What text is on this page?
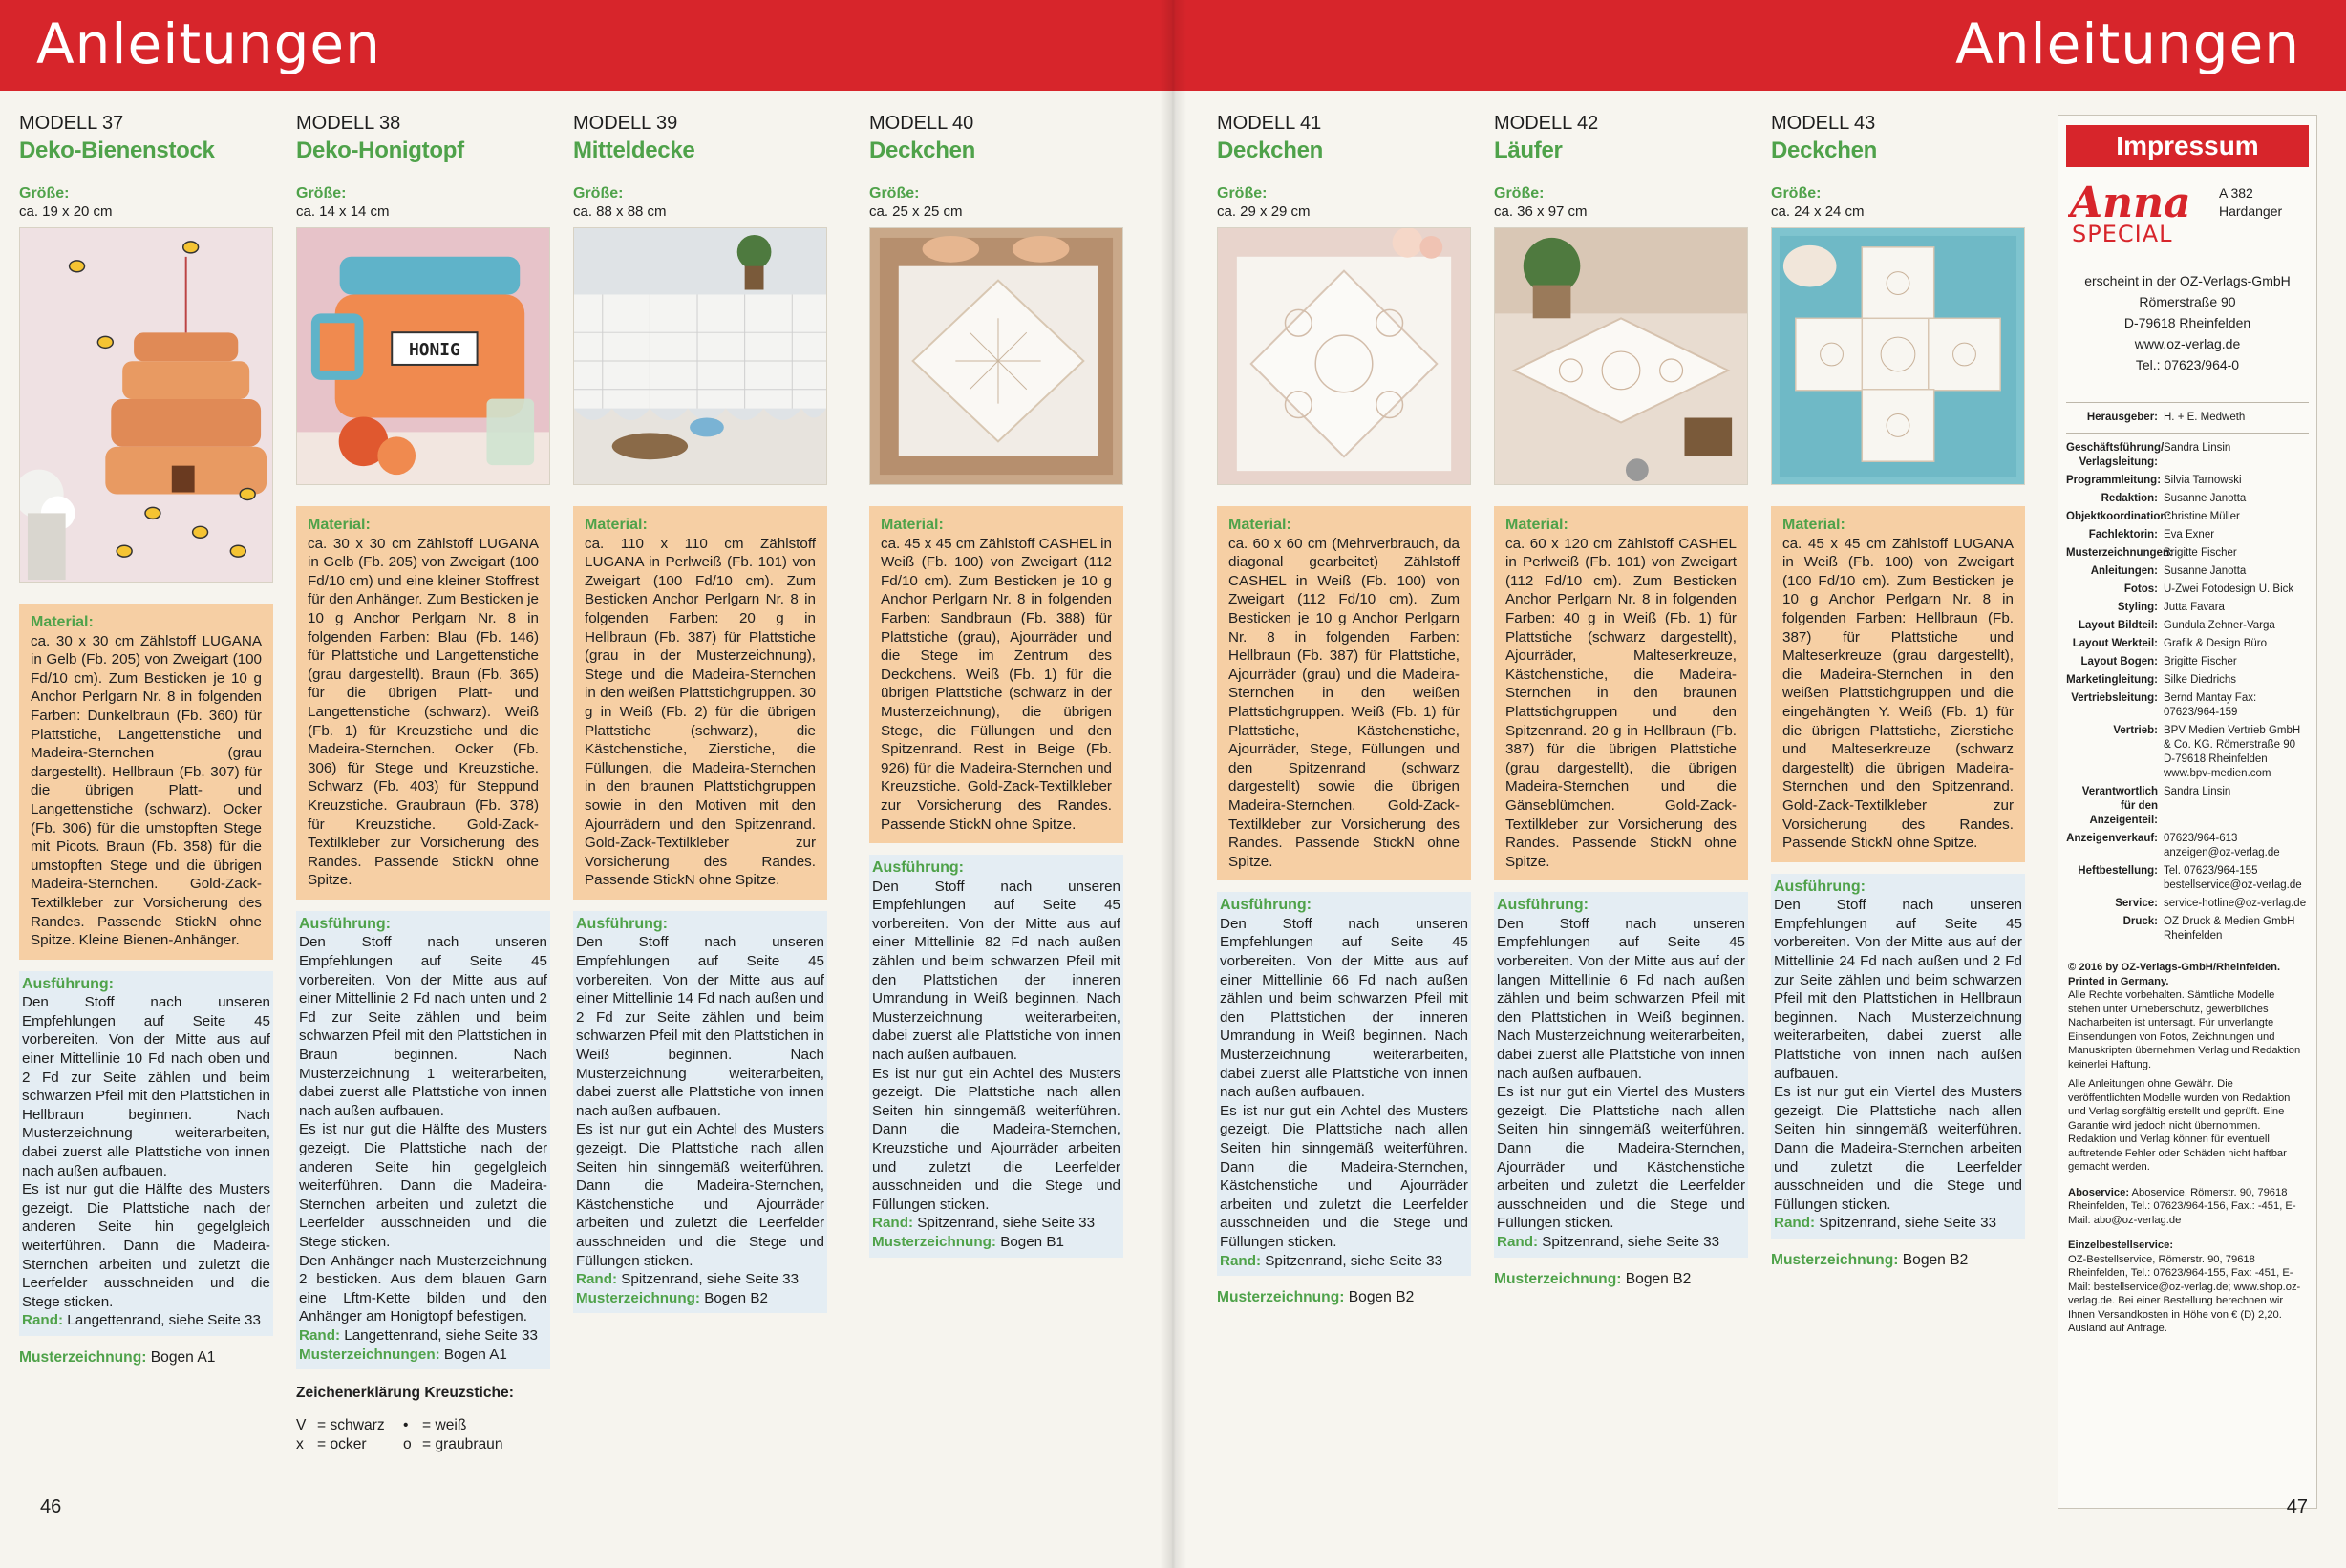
Anleitungen
MODELL 37
Deko-Bienenstock
Größe:
ca. 19 x 20 cm
Material:
ca. 30 x 30 cm Zählstoff LUGANA in Gelb (Fb. 205) von Zweigart (100 Fd/10 cm). Zum Besticken je 10 g Anchor Perlgarn Nr. 8 in folgenden Farben: Dunkelbraun (Fb. 360) für Plattstiche, Langettenstiche und Madeira-Sternchen (grau dargestellt). Hellbraun (Fb. 307) für die übrigen Platt- und Langettenstiche (schwarz). Ocker (Fb. 306) für die umstopften Stege mit Picots. Braun (Fb. 358) für die umstopften Stege und die übrigen Madeira-Sternchen. Gold-Zack-Textilkleber zur Vorsicherung des Randes. Passende StickN ohne Spitze. Kleine Bienen-Anhänger.
Ausführung:
Den Stoff nach unseren Empfehlungen auf Seite 45 vorbereiten. Von der Mitte aus auf einer Mittellinie 10 Fd nach oben und 2 Fd zur Seite zählen und beim schwarzen Pfeil mit den Plattstichen in Hellbraun beginnen. Nach Musterzeichnung weiterarbeiten, dabei zuerst alle Plattstiche von innen nach außen aufbauen.
Es ist nur gut die Hälfte des Musters gezeigt. Die Plattstiche nach der anderen Seite hin gegelgleich weiterführen. Dann die Madeira-Sternchen arbeiten und zuletzt die Leerfelder ausschneiden und die Stege sticken.
Rand: Langettenrand, siehe Seite 33
Musterzeichnung: Bogen A1
MODELL 38
Deko-Honigtopf
Größe:
ca. 14 x 14 cm
HONIG
Material:
ca. 30 x 30 cm Zählstoff LUGANA in Gelb (Fb. 205) von Zweigart (100 Fd/10 cm) und eine kleiner Stoffrest für den Anhänger. Zum Besticken je 10 g Anchor Perlgarn Nr. 8 in folgenden Farben: Blau (Fb. 146) für Plattstiche und Langettenstiche (grau dargestellt). Braun (Fb. 365) für die übrigen Platt- und Langettenstiche (schwarz). Weiß (Fb. 1) für Kreuzstiche und die Madeira-Sternchen. Ocker (Fb. 306) für Stege und Kreuzstiche. Schwarz (Fb. 403) für Steppund Kreuzstiche. Graubraun (Fb. 378) für Kreuzstiche. Gold-Zack-Textilkleber zur Vorsicherung des Randes. Passende StickN ohne Spitze.
Ausführung:
Den Stoff nach unseren Empfehlungen auf Seite 45 vorbereiten. Von der Mitte aus auf einer Mittellinie 2 Fd nach unten und 2 Fd zur Seite zählen und beim schwarzen Pfeil mit den Plattstichen in Braun beginnen. Nach Musterzeichnung 1 weiterarbeiten, dabei zuerst alle Plattstiche von innen nach außen aufbauen.
Es ist nur gut die Hälfte des Musters gezeigt. Die Plattstiche nach der anderen Seite hin gegelgleich weiterführen. Dann die Madeira-Sternchen arbeiten und zuletzt die Leerfelder ausschneiden und die Stege sticken.
Den Anhänger nach Musterzeichnung 2 besticken. Aus dem blauen Garn eine Lftm-Kette bilden und den Anhänger am Honigtopf befestigen.
Rand: Langettenrand, siehe Seite 33
Musterzeichnungen: Bogen A1
Zeichenerklärung Kreuzstiche:
V = schwarz	• = weiß
x = ocker	o = graubraun
MODELL 39
Mitteldecke
Größe:
ca. 88 x 88 cm
Material:
ca. 110 x 110 cm Zählstoff LUGANA in Perlweiß (Fb. 101) von Zweigart (100 Fd/10 cm). Zum Besticken Anchor Perlgarn Nr. 8 in folgenden Farben: 20 g in Hellbraun (Fb. 387) für Plattstiche (grau in der Musterzeichnung), Stege und die Madeira-Sternchen in den weißen Plattstichgruppen. 30 g in Weiß (Fb. 2) für die übrigen Plattstiche (schwarz), die Kästchenstiche, Zierstiche, die Füllungen, die Madeira-Sternchen in den braunen Plattstichgruppen sowie in den Motiven mit den Ajourrädern und den Spitzenrand. Gold-Zack-Textilkleber zur Vorsicherung des Randes. Passende StickN ohne Spitze.
Ausführung:
Den Stoff nach unseren Empfehlungen auf Seite 45 vorbereiten. Von der Mitte aus auf einer Mittellinie 14 Fd nach außen und 2 Fd zur Seite zählen und beim schwarzen Pfeil mit den Plattstichen in Weiß beginnen. Nach Musterzeichnung weiterarbeiten, dabei zuerst alle Plattstiche von innen nach außen aufbauen.
Es ist nur gut ein Achtel des Musters gezeigt. Die Plattstiche nach allen Seiten hin sinngemäß weiterführen. Dann die Madeira-Sternchen, Kästchenstiche und Ajourräder arbeiten und zuletzt die Leerfelder ausschneiden und die Stege und Füllungen sticken.
Rand: Spitzenrand, siehe Seite 33
Musterzeichnung: Bogen B2
MODELL 40
Deckchen
Größe:
ca. 25 x 25 cm
Material:
ca. 45 x 45 cm Zählstoff CASHEL in Weiß (Fb. 100) von Zweigart (112 Fd/10 cm). Zum Besticken je 10 g Anchor Perlgarn Nr. 8 in folgenden Farben: Sandbraun (Fb. 388) für Plattstiche (grau), Ajourräder und die Stege im Zentrum des Deckchens. Weiß (Fb. 1) für die übrigen Plattstiche (schwarz in der Musterzeichnung), die übrigen Stege, die Füllungen und den Spitzenrand. Rest in Beige (Fb. 926) für die Madeira-Sternchen und Kreuzstiche. Gold-Zack-Textilkleber zur Vorsicherung des Randes. Passende StickN ohne Spitze.
Ausführung:
Den Stoff nach unseren Empfehlungen auf Seite 45 vorbereiten. Von der Mitte aus auf einer Mittellinie 82 Fd nach außen zählen und beim schwarzen Pfeil mit den Plattstichen der inneren Umrandung in Weiß beginnen. Nach Musterzeichnung weiterarbeiten, dabei zuerst alle Plattstiche von innen nach außen aufbauen.
Es ist nur gut ein Achtel des Musters gezeigt. Die Plattstiche nach allen Seiten hin sinngemäß weiterführen. Dann die Madeira-Sternchen, Kreuzstiche und Ajourräder arbeiten und zuletzt die Leerfelder ausschneiden und die Stege und Füllungen sticken.
Rand: Spitzenrand, siehe Seite 33
Musterzeichnung: Bogen B1
46
Anleitungen
MODELL 41
Deckchen
Größe:
ca. 29 x 29 cm
Material:
ca. 60 x 60 cm (Mehrverbrauch, da diagonal gearbeitet) Zählstoff CASHEL in Weiß (Fb. 100) von Zweigart (112 Fd/10 cm). Zum Besticken je 10 g Anchor Perlgarn Nr. 8 in folgenden Farben: Hellbraun (Fb. 387) für Plattstiche, Ajourräder (grau) und die Madeira-Sternchen in den weißen Plattstichgruppen. Weiß (Fb. 1) für Plattstiche, Kästchenstiche, Ajourräder, Stege, Füllungen und den Spitzenrand (schwarz dargestellt) sowie die übrigen Madeira-Sternchen. Gold-Zack-Textilkleber zur Vorsicherung des Randes. Passende StickN ohne Spitze.
Ausführung:
Den Stoff nach unseren Empfehlungen auf Seite 45 vorbereiten. Von der Mitte aus auf einer Mittellinie 66 Fd nach außen zählen und beim schwarzen Pfeil mit den Plattstichen der inneren Umrandung in Weiß beginnen. Nach Musterzeichnung weiterarbeiten, dabei zuerst alle Plattstiche von innen nach außen aufbauen.
Es ist nur gut ein Achtel des Musters gezeigt. Die Plattstiche nach allen Seiten hin sinngemäß weiterführen. Dann die Madeira-Sternchen, Kästchenstiche und Ajourräder arbeiten und zuletzt die Leerfelder ausschneiden und die Stege und Füllungen sticken.
Rand: Spitzenrand, siehe Seite 33
Musterzeichnung: Bogen B2
MODELL 42
Läufer
Größe:
ca. 36 x 97 cm
Material:
ca. 60 x 120 cm Zählstoff CASHEL in Perlweiß (Fb. 101) von Zweigart (112 Fd/10 cm). Zum Besticken Anchor Perlgarn Nr. 8 in folgenden Farben: 40 g in Weiß (Fb. 1) für Plattstiche (schwarz dargestellt), Ajourräder, Malteserkreuze, Kästchenstiche, die Madeira-Sternchen in den braunen Plattstichgruppen und den Spitzenrand. 20 g in Hellbraun (Fb. 387) für die übrigen Plattstiche (grau dargestellt), die übrigen Madeira-Sternchen und die Gänseblümchen. Gold-Zack-Textilkleber zur Vorsicherung des Randes. Passende StickN ohne Spitze.
Ausführung:
Den Stoff nach unseren Empfehlungen auf Seite 45 vorbereiten. Von der Mitte aus auf der langen Mittellinie 6 Fd nach außen zählen und beim schwarzen Pfeil mit den Plattstichen in Weiß beginnen. Nach Musterzeichnung weiterarbeiten, dabei zuerst alle Plattstiche von innen nach außen aufbauen.
Es ist nur gut ein Viertel des Musters gezeigt. Die Plattstiche nach allen Seiten hin sinngemäß weiterführen. Dann die Madeira-Sternchen, Ajourräder und Kästchenstiche arbeiten und zuletzt die Leerfelder ausschneiden und die Stege und Füllungen sticken.
Rand: Spitzenrand, siehe Seite 33
Musterzeichnung: Bogen B2
MODELL 43
Deckchen
Größe:
ca. 24 x 24 cm
Material:
ca. 45 x 45 cm Zählstoff LUGANA in Weiß (Fb. 100) von Zweigart (100 Fd/10 cm). Zum Besticken je 10 g Anchor Perlgarn Nr. 8 in folgenden Farben: Hellbraun (Fb. 387) für Plattstiche und Malteserkreuze (grau dargestellt), die Madeira-Sternchen in den weißen Plattstichgruppen und die eingehängten Y. Weiß (Fb. 1) für die übrigen Plattstiche, Zierstiche und Malteserkreuze (schwarz dargestellt) die übrigen Madeira-Sternchen und den Spitzenrand. Gold-Zack-Textilkleber zur Vorsicherung des Randes. Passende StickN ohne Spitze.
Ausführung:
Den Stoff nach unseren Empfehlungen auf Seite 45 vorbereiten. Von der Mitte aus auf der Mittellinie 24 Fd nach außen und 2 Fd zur Seite zählen und beim schwarzen Pfeil mit den Plattstichen in Hellbraun beginnen. Nach Musterzeichnung weiterarbeiten, dabei zuerst alle Plattstiche von innen nach außen aufbauen.
Es ist nur gut ein Viertel des Musters gezeigt. Die Plattstiche nach allen Seiten hin sinngemäß weiterführen. Dann die Madeira-Sternchen arbeiten und zuletzt die Leerfelder ausschneiden und die Stege und Füllungen sticken.
Rand: Spitzenrand, siehe Seite 33
Musterzeichnung: Bogen B2
Impressum
Anna
SPECIAL
A 382
Hardanger
erscheint in der OZ-Verlags-GmbH
Römerstraße 90
D-79618 Rheinfelden
www.oz-verlag.de
Tel.: 07623/964-0
Herausgeber: H. + E. Medweth
Geschäftsführung/ Verlagsleitung:
Sandra Linsin
Programmleitung: Silvia Tarnowski
Redaktion: Susanne Janotta
Objektkoordination:
Christine Müller
Fachlektorin: Eva Exner
Musterzeichnungen:
Brigitte Fischer
Anleitungen: Susanne Janotta
Fotos: U-Zwei Fotodesign U. Bick
Styling: Jutta Favara
Layout Bildteil: Gundula Zehner-Varga
Layout Werkteil: Grafik & Design Büro
Layout Bogen: Brigitte Fischer
Marketingleitung: Silke Diedrichs
Vertriebsleitung: Bernd Mantay Fax: 07623/964-159
Vertrieb: BPV Medien Vertrieb GmbH & Co. KG. Römerstraße 90 D-79618 Rheinfelden www.bpv-medien.com
Verantwortlich für den Anzeigenteil:
Sandra Linsin
Anzeigenverkauf: 07623/964-613 anzeigen@oz-verlag.de
Heftbestellung: Tel. 07623/964-155 bestellservice@oz-verlag.de
Service: service-hotline@oz-verlag.de
Druck: OZ Druck & Medien GmbH Rheinfelden
© 2016 by OZ-Verlags-GmbH/Rheinfelden. Printed in Germany.
Alle Rechte vorbehalten. Sämtliche Modelle stehen unter Urheberschutz, gewerbliches Nacharbeiten ist untersagt. Für unverlangte Einsendungen von Fotos, Zeichnungen und Manuskripten übernehmen Verlag und Redaktion keinerlei Haftung.
Alle Anleitungen ohne Gewähr. Die veröffentlichten Modelle wurden von Redaktion und Verlag sorgfältig erstellt und geprüft. Eine Garantie wird jedoch nicht übernommen. Redaktion und Verlag können für eventuell auftretende Fehler oder Schäden nicht haftbar gemacht werden.
Aboservice: Aboservice, Römerstr. 90, 79618 Rheinfelden, Tel.: 07623/964-156, Fax.: -451, E-Mail: abo@oz-verlag.de
Einzelbestellservice:
OZ-Bestellservice, Römerstr. 90, 79618 Rheinfelden, Tel.: 07623/964-155, Fax: -451, E-Mail: bestellservice@oz-verlag.de; www.shop.oz-verlag.de. Bei einer Bestellung berechnen wir Ihnen Versandkosten in Höhe von € (D) 2,20. Ausland auf Anfrage.
47
